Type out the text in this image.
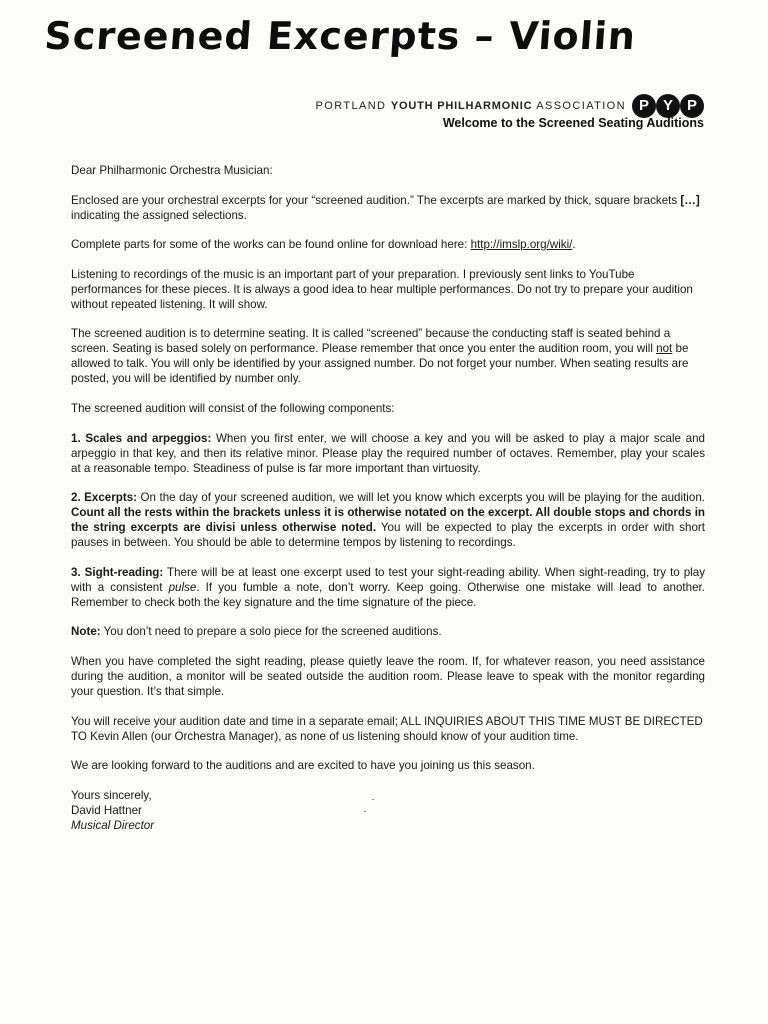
Screened Excerpts – Violin
P Y P
PORTLAND YOUTH PHILHARMONIC ASSOCIATION
Welcome to the Screened Seating Auditions

Dear Philharmonic Orchestra Musician:

Enclosed are your orchestral excerpts for your “screened audition.” The excerpts are marked by thick, square brackets […] indicating the assigned selections.

Complete parts for some of the works can be found online for download here: http://imslp.org/wiki/.

Listening to recordings of the music is an important part of your preparation. I previously sent links to YouTube performances for these pieces. It is always a good idea to hear multiple performances. Do not try to prepare your audition without repeated listening. It will show.

The screened audition is to determine seating. It is called “screened” because the conducting staff is seated behind a screen. Seating is based solely on performance. Please remember that once you enter the audition room, you will not be allowed to talk. You will only be identified by your assigned number. Do not forget your number. When seating results are posted, you will be identified by number only.

The screened audition will consist of the following components:

1. Scales and arpeggios: When you first enter, we will choose a key and you will be asked to play a major scale and arpeggio in that key, and then its relative minor. Please play the required number of octaves. Remember, play your scales at a reasonable tempo. Steadiness of pulse is far more important than virtuosity.

2. Excerpts: On the day of your screened audition, we will let you know which excerpts you will be playing for the audition. Count all the rests within the brackets unless it is otherwise notated on the excerpt. All double stops and chords in the string excerpts are divisi unless otherwise noted. You will be expected to play the excerpts in order with short pauses in between. You should be able to determine tempos by listening to recordings.

3. Sight-reading: There will be at least one excerpt used to test your sight-reading ability. When sight-reading, try to play with a consistent pulse. If you fumble a note, don’t worry. Keep going. Otherwise one mistake will lead to another. Remember to check both the key signature and the time signature of the piece.

Note: You don’t need to prepare a solo piece for the screened auditions.

When you have completed the sight reading, please quietly leave the room. If, for whatever reason, you need assistance during the audition, a monitor will be seated outside the audition room. Please leave to speak with the monitor regarding your question. It’s that simple.

You will receive your audition date and time in a separate email; ALL INQUIRIES ABOUT THIS TIME MUST BE DIRECTED TO Kevin Allen (our Orchestra Manager), as none of us listening should know of your audition time.

We are looking forward to the auditions and are excited to have you joining us this season.

Yours sincerely,

David Hattner

Musical Director
